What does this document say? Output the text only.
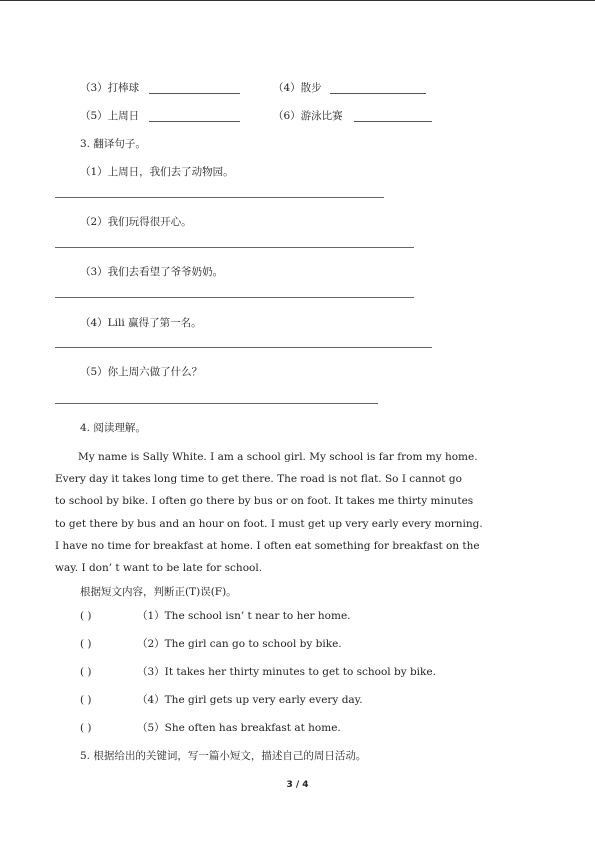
（3）打棒球	（4）散步
（5）上周日	（6）游泳比赛
3. 翻译句子。
（1）上周日，我们去了动物园。
（2）我们玩得很开心。
（3）我们去看望了爷爷奶奶。
（4）Lili 赢得了第一名。
（5）你上周六做了什么？
4. 阅读理解。
My name is Sally White. I am a school girl. My school is far from my home.
Every day it takes long time to get there. The road is not flat. So I cannot go
to school by bike. I often go there by bus or on foot. It takes me thirty minutes
to get there by bus and an hour on foot. I must get up very early every morning.
I have no time for breakfast at home. I often eat something for breakfast on the
way. I don’ t want to be late for school.
根据短文内容，判断正(T)误(F)。
( )	（1）The school isn’ t near to her home.
( )	（2）The girl can go to school by bike.
( )	（3）It takes her thirty minutes to get to school by bike.
( )	（4）The girl gets up very early every day.
( )	（5）She often has breakfast at home.
5. 根据给出的关键词，写一篇小短文，描述自己的周日活动。
3 / 4
